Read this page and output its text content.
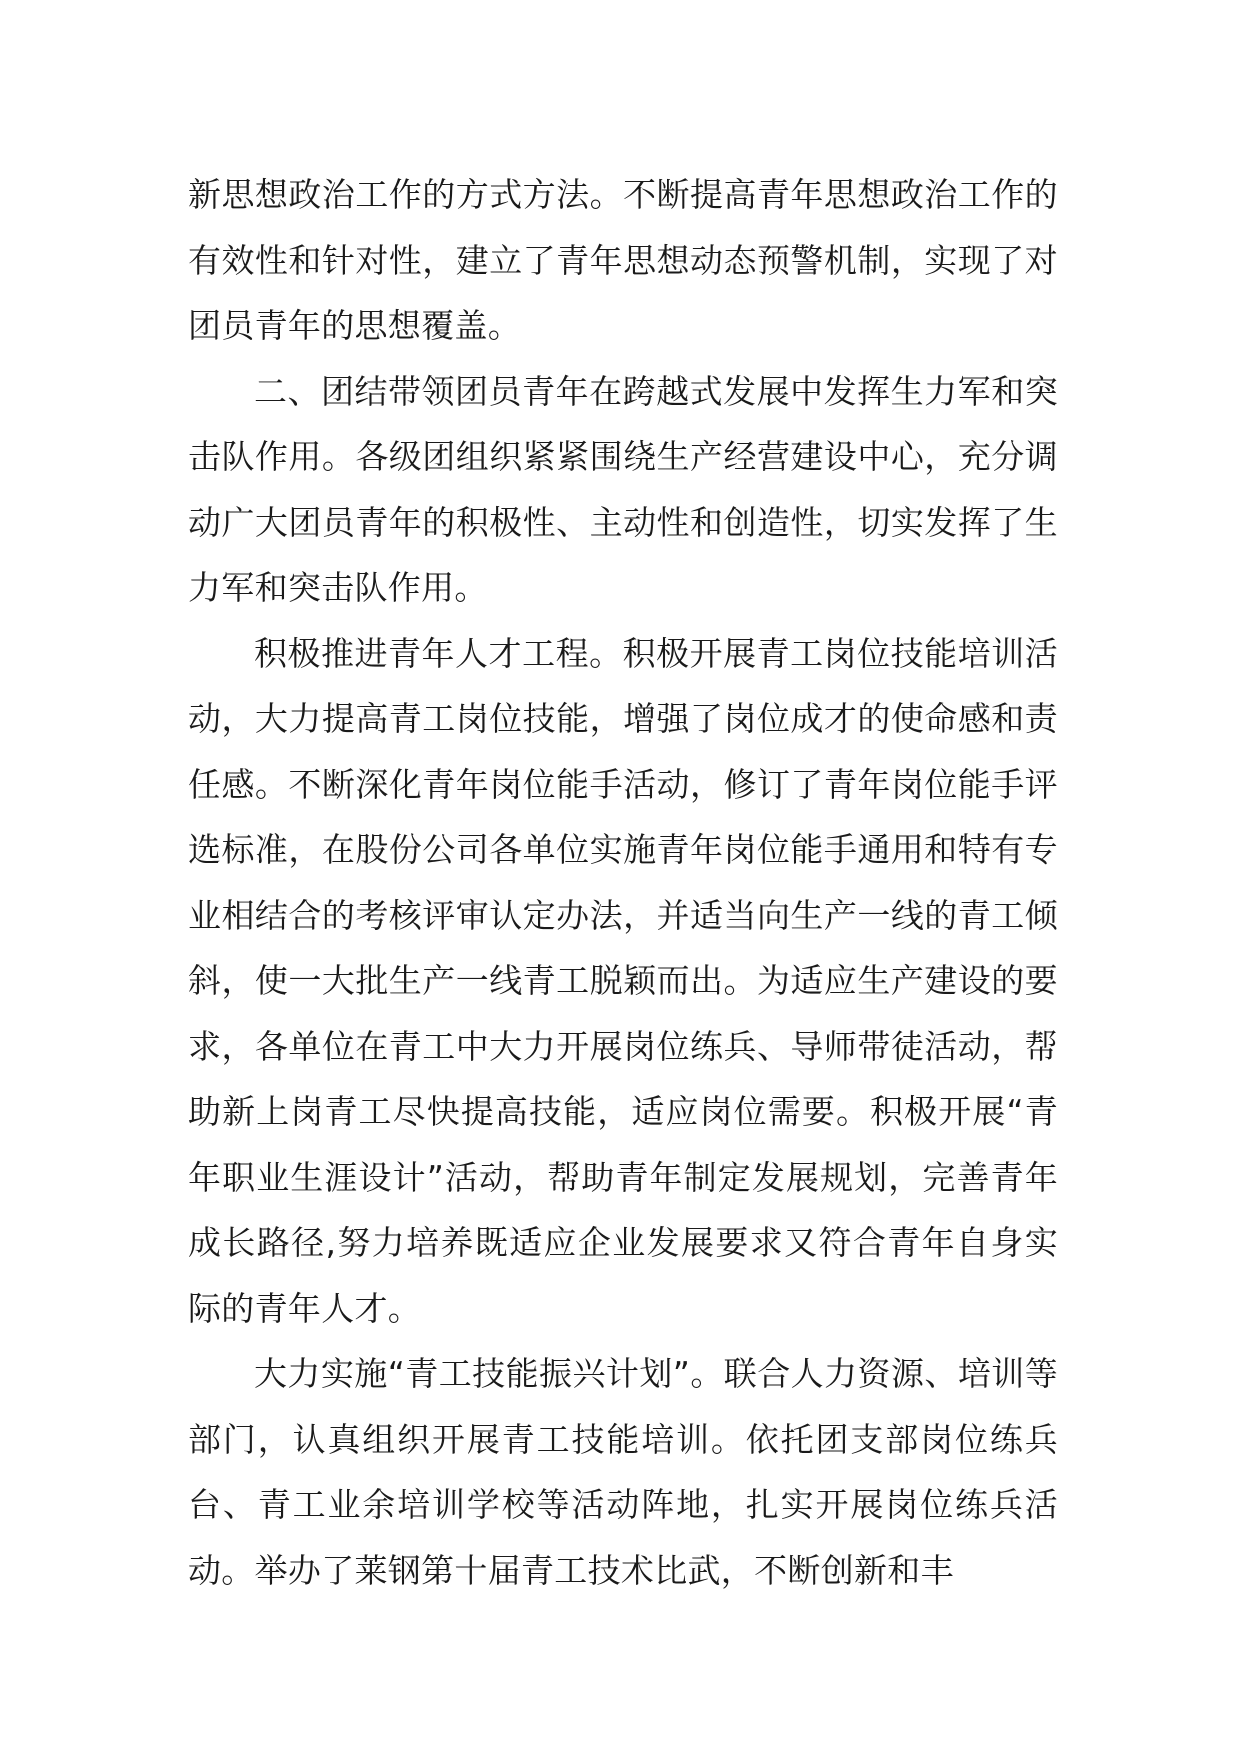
新思想政治工作的方式方法。不断提高青年思想政治工作的有效性和针对性，建立了青年思想动态预警机制，实现了对团员青年的思想覆盖。

二、团结带领团员青年在跨越式发展中发挥生力军和突击队作用。各级团组织紧紧围绕生产经营建设中心，充分调动广大团员青年的积极性、主动性和创造性，切实发挥了生力军和突击队作用。

积极推进青年人才工程。积极开展青工岗位技能培训活动，大力提高青工岗位技能，增强了岗位成才的使命感和责任感。不断深化青年岗位能手活动，修订了青年岗位能手评选标准，在股份公司各单位实施青年岗位能手通用和特有专业相结合的考核评审认定办法，并适当向生产一线的青工倾斜，使一大批生产一线青工脱颖而出。为适应生产建设的要求，各单位在青工中大力开展岗位练兵、导师带徒活动，帮助新上岗青工尽快提高技能，适应岗位需要。积极开展“青年职业生涯设计”活动，帮助青年制定发展规划，完善青年成长路径,努力培养既适应企业发展要求又符合青年自身实际的青年人才。

大力实施“青工技能振兴计划”。联合人力资源、培训等部门，认真组织开展青工技能培训。依托团支部岗位练兵台、青工业余培训学校等活动阵地，扎实开展岗位练兵活动。举办了莱钢第十届青工技术比武，不断创新和丰
